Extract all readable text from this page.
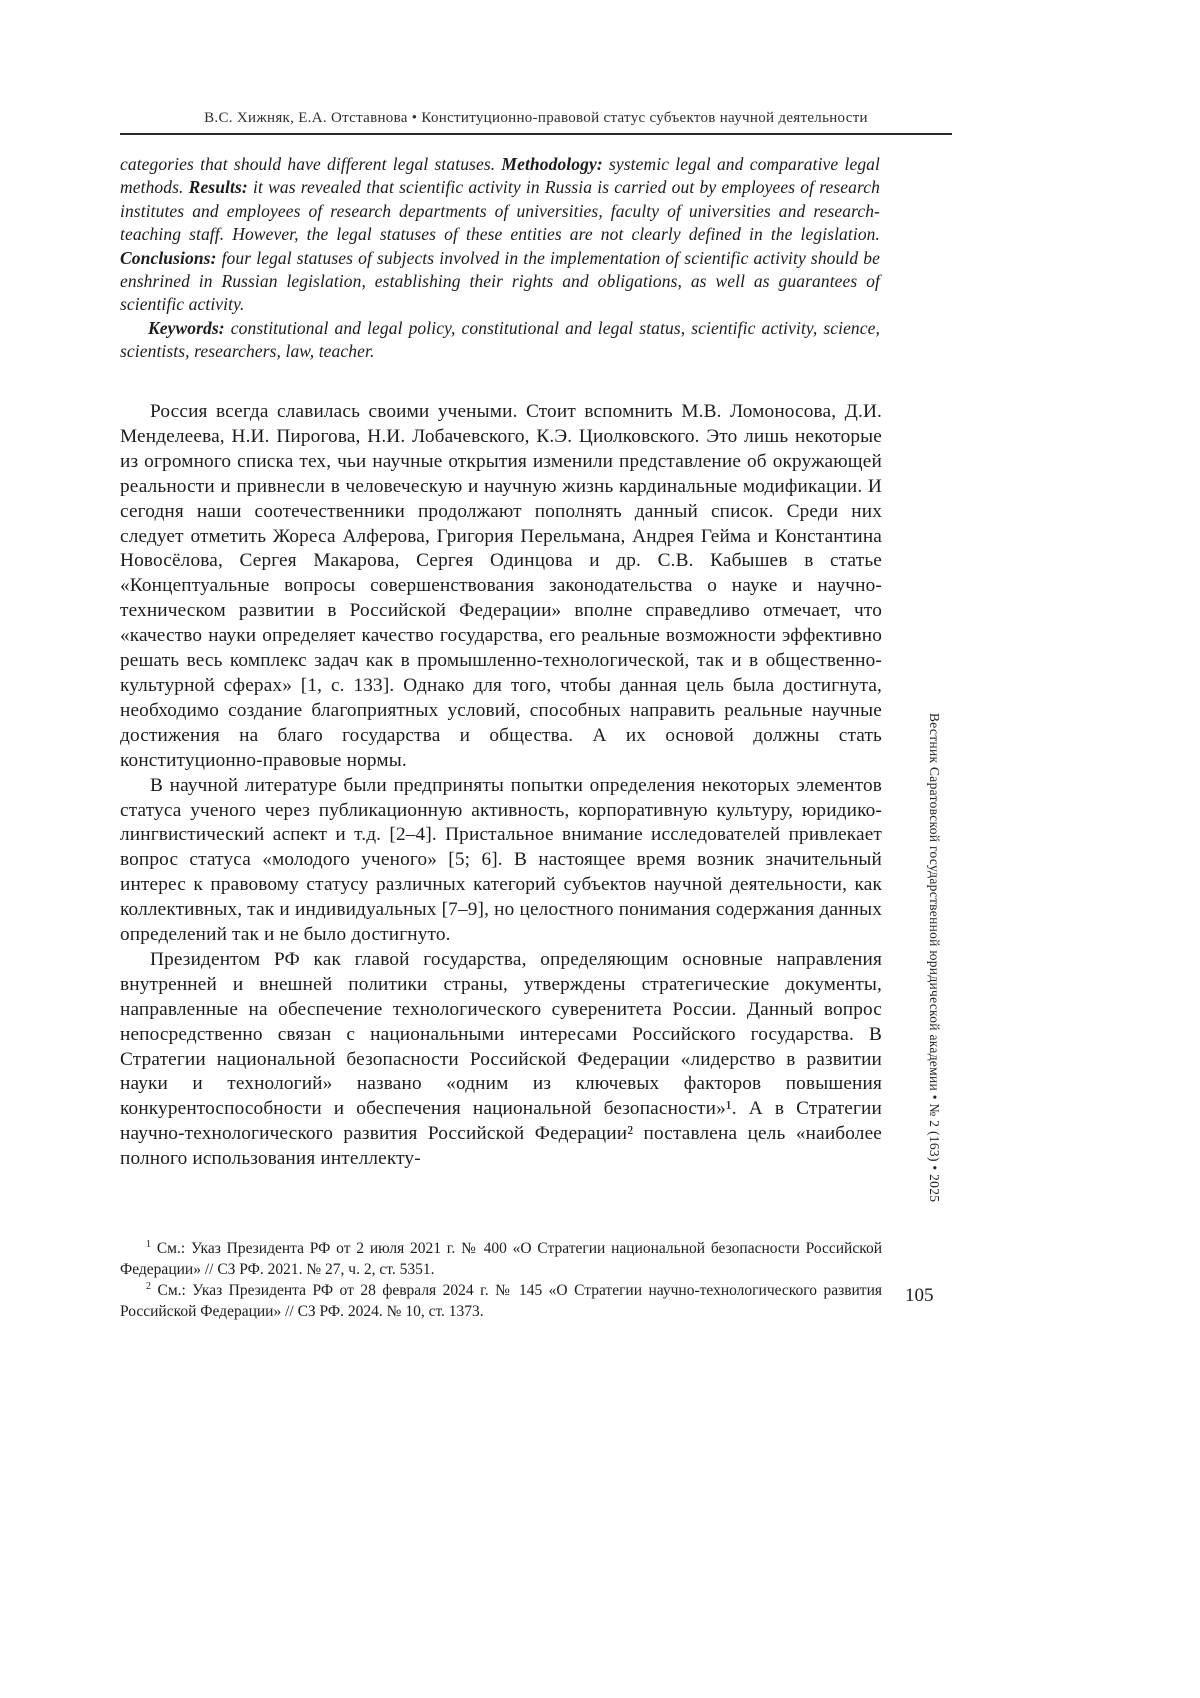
В.С. Хижняк, Е.А. Отставнова • Конституционно-правовой статус субъектов научной деятельности

categories that should have different legal statuses. Methodology: systemic legal and comparative legal methods. Results: it was revealed that scientific activity in Russia is carried out by employees of research institutes and employees of research departments of universities, faculty of universities and research-teaching staff. However, the legal statuses of these entities are not clearly defined in the legislation. Conclusions: four legal statuses of subjects involved in the implementation of scientific activity should be enshrined in Russian legislation, establishing their rights and obligations, as well as guarantees of scientific activity.

Keywords: constitutional and legal policy, constitutional and legal status, scientific activity, science, scientists, researchers, law, teacher.

Россия всегда славилась своими учеными. Стоит вспомнить М.В. Ломоносова, Д.И. Менделеева, Н.И. Пирогова, Н.И. Лобачевского, К.Э. Циолковского. Это лишь некоторые из огромного списка тех, чьи научные открытия изменили представление об окружающей реальности и привнесли в человеческую и научную жизнь кардинальные модификации. И сегодня наши соотечественники продолжают пополнять данный список. Среди них следует отметить Жореса Алферова, Григория Перельмана, Андрея Гейма и Константина Новосёлова, Сергея Макарова, Сергея Одинцова и др. С.В. Кабышев в статье «Концептуальные вопросы совершенствования законодательства о науке и научно-техническом развитии в Российской Федерации» вполне справедливо отмечает, что «качество науки определяет качество государства, его реальные возможности эффективно решать весь комплекс задач как в промышленно-технологической, так и в общественно-культурной сферах» [1, с. 133]. Однако для того, чтобы данная цель была достигнута, необходимо создание благоприятных условий, способных направить реальные научные достижения на благо государства и общества. А их основой должны стать конституционно-правовые нормы.

В научной литературе были предприняты попытки определения некоторых элементов статуса ученого через публикационную активность, корпоративную культуру, юридико-лингвистический аспект и т.д. [2–4]. Пристальное внимание исследователей привлекает вопрос статуса «молодого ученого» [5; 6]. В настоящее время возник значительный интерес к правовому статусу различных категорий субъектов научной деятельности, как коллективных, так и индивидуальных [7–9], но целостного понимания содержания данных определений так и не было достигнуто.

Президентом РФ как главой государства, определяющим основные направления внутренней и внешней политики страны, утверждены стратегические документы, направленные на обеспечение технологического суверенитета России. Данный вопрос непосредственно связан с национальными интересами Российского государства. В Стратегии национальной безопасности Российской Федерации «лидерство в развитии науки и технологий» названо «одним из ключевых факторов повышения конкурентоспособности и обеспечения национальной безопасности»¹. А в Стратегии научно-технологического развития Российской Федерации² поставлена цель «наиболее полного использования интеллекту-

$^1$ См.: Указ Президента РФ от 2 июля 2021 г. № 400 «О Стратегии национальной безопасности Российской Федерации» // СЗ РФ. 2021. № 27, ч. 2, ст. 5351.

$^2$ См.: Указ Президента РФ от 28 февраля 2024 г. № 145 «О Стратегии научно-технологического развития Российской Федерации» // СЗ РФ. 2024. № 10, ст. 1373.

Вестник Саратовской государственной юридической академии • № 2 (163) • 2025
105
